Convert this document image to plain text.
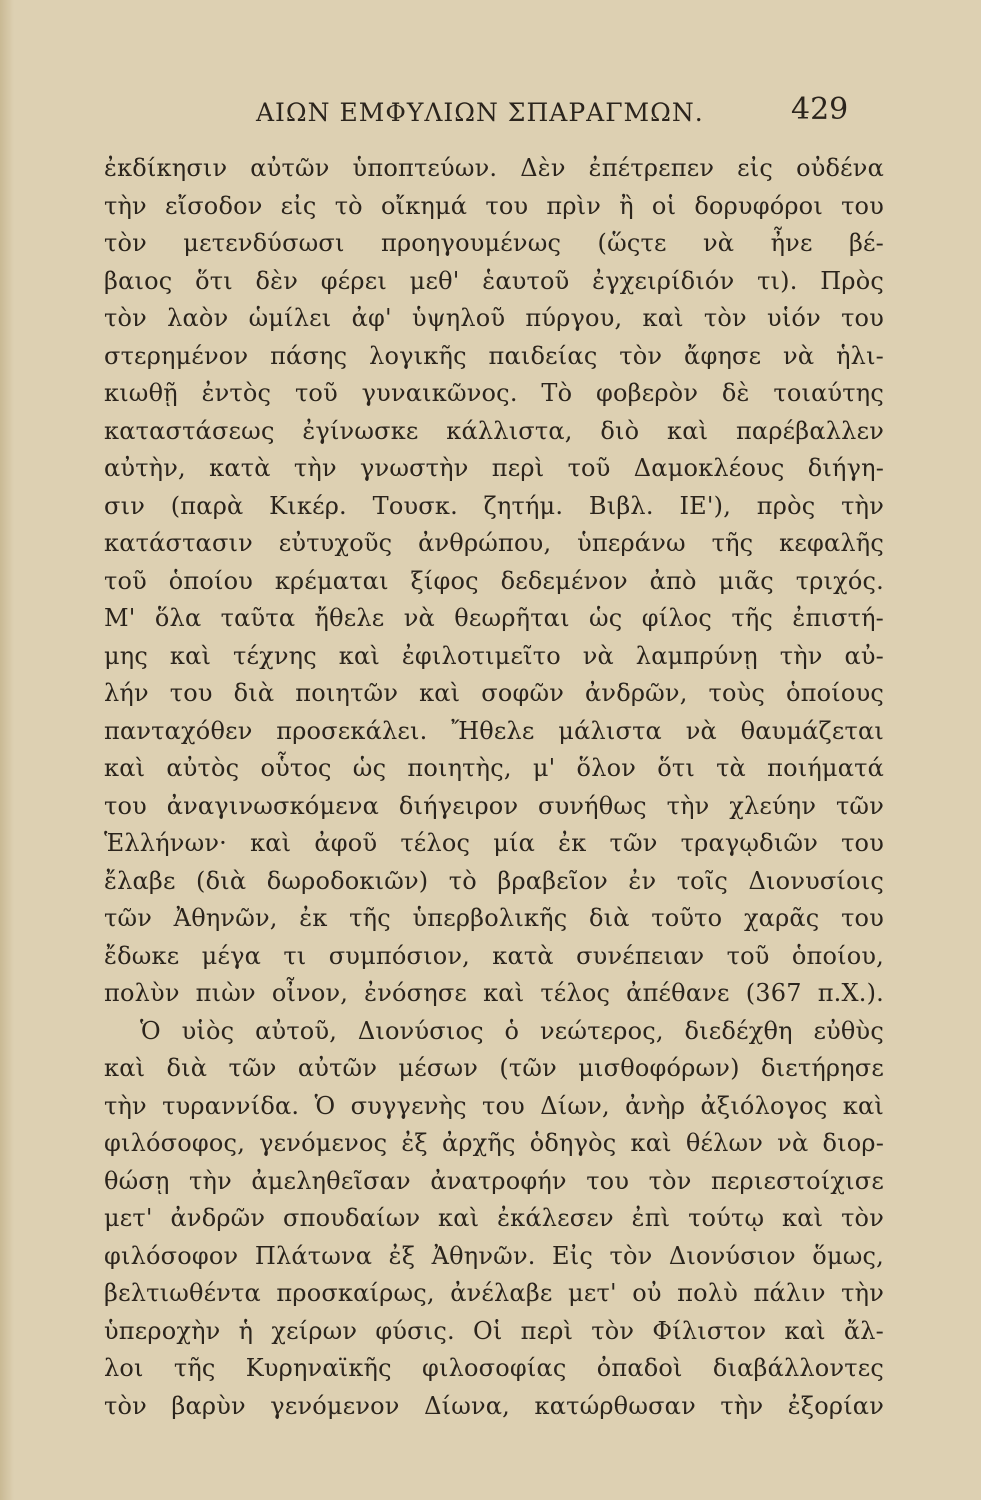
ΑΙΩΝ ΕΜΦΥΛΙΩΝ ΣΠΑΡΑΓΜΩΝ.	429
ἐκδίκησιν αὐτῶν ὑποπτεύων. Δὲν ἐπέτρεπεν εἰς οὐδένα
τὴν εἴσοδον εἰς τὸ οἴκημά του πρὶν ἢ οἱ δορυφόροι του
τὸν μετενδύσωσι προηγουμένως (ὥςτε νὰ ἦνε βέ-
βαιος ὅτι δὲν φέρει μεθ' ἑαυτοῦ ἐγχειρίδιόν τι). Πρὸς
τὸν λαὸν ὡμίλει ἀφ' ὑψηλοῦ πύργου, καὶ τὸν υἱόν του
στερημένον πάσης λογικῆς παιδείας τὸν ἄφησε νὰ ἡλι-
κιωθῇ ἐντὸς τοῦ γυναικῶνος. Τὸ φοβερὸν δὲ τοιαύτης
καταστάσεως ἐγίνωσκε κάλλιστα, διὸ καὶ παρέβαλλεν
αὐτὴν, κατὰ τὴν γνωστὴν περὶ τοῦ Δαμοκλέους διήγη-
σιν (παρὰ Κικέρ. Τουσκ. ζητήμ. Βιβλ. ΙΕ'), πρὸς τὴν
κατάστασιν εὐτυχοῦς ἀνθρώπου, ὑπεράνω τῆς κεφαλῆς
τοῦ ὁποίου κρέμαται ξίφος δεδεμένον ἀπὸ μιᾶς τριχός.
Μ' ὅλα ταῦτα ἤθελε νὰ θεωρῆται ὡς φίλος τῆς ἐπιστή-
μης καὶ τέχνης καὶ ἐφιλοτιμεῖτο νὰ λαμπρύνῃ τὴν αὐ-
λήν του διὰ ποιητῶν καὶ σοφῶν ἀνδρῶν, τοὺς ὁποίους
πανταχόθεν προσεκάλει. Ἤθελε μάλιστα νὰ θαυμάζεται
καὶ αὐτὸς οὗτος ὡς ποιητὴς, μ' ὅλον ὅτι τὰ ποιήματά
του ἀναγινωσκόμενα διήγειρον συνήθως τὴν χλεύην τῶν
Ἑλλήνων· καὶ ἀφοῦ τέλος μία ἐκ τῶν τραγῳδιῶν του
ἔλαβε (διὰ δωροδοκιῶν) τὸ βραβεῖον ἐν τοῖς Διονυσίοις
τῶν Ἀθηνῶν, ἐκ τῆς ὑπερβολικῆς διὰ τοῦτο χαρᾶς του
ἔδωκε μέγα τι συμπόσιον, κατὰ συνέπειαν τοῦ ὁποίου,
πολὺν πιὼν οἶνον, ἐνόσησε καὶ τέλος ἀπέθανε (367 π.Χ.).
Ὁ υἱὸς αὐτοῦ, Διονύσιος ὁ νεώτερος, διεδέχθη εὐθὺς
καὶ διὰ τῶν αὐτῶν μέσων (τῶν μισθοφόρων) διετήρησε
τὴν τυραννίδα. Ὁ συγγενὴς του Δίων, ἀνὴρ ἀξιόλογος καὶ
φιλόσοφος, γενόμενος ἐξ ἀρχῆς ὁδηγὸς καὶ θέλων νὰ διορ-
θώσῃ τὴν ἀμεληθεῖσαν ἀνατροφήν του τὸν περιεστοίχισε
μετ' ἀνδρῶν σπουδαίων καὶ ἐκάλεσεν ἐπὶ τούτῳ καὶ τὸν
φιλόσοφον Πλάτωνα ἐξ Ἀθηνῶν. Εἰς τὸν Διονύσιον ὅμως,
βελτιωθέντα προσκαίρως, ἀνέλαβε μετ' οὐ πολὺ πάλιν τὴν
ὑπεροχὴν ἡ χείρων φύσις. Οἱ περὶ τὸν Φίλιστον καὶ ἄλ-
λοι τῆς Κυρηναϊκῆς φιλοσοφίας ὀπαδοὶ διαβάλλοντες
τὸν βαρὺν γενόμενον Δίωνα, κατώρθωσαν τὴν ἐξορίαν
